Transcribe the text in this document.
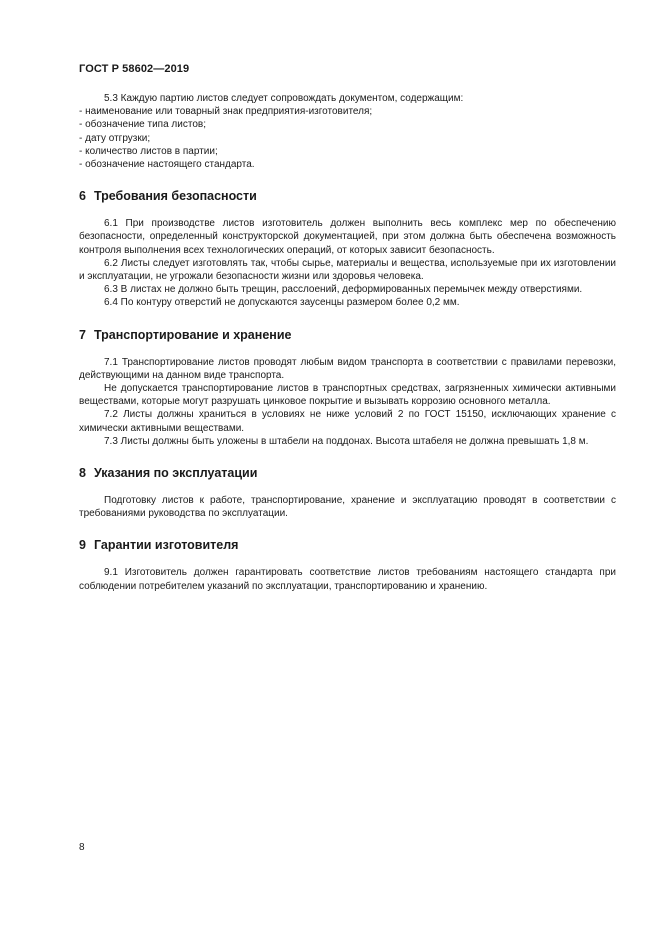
ГОСТ Р 58602—2019

5.3 Каждую партию листов следует сопровождать документом, содержащим:

- наименование или товарный знак предприятия-изготовителя;

- обозначение типа листов;

- дату отгрузки;

- количество листов в партии;

- обозначение настоящего стандарта.

6 Требования безопасности

6.1 При производстве листов изготовитель должен выполнить весь комплекс мер по обеспечению безопасности, определенный конструкторской документацией, при этом должна быть обеспечена возможность контроля выполнения всех технологических операций, от которых зависит безопасность.

6.2 Листы следует изготовлять так, чтобы сырье, материалы и вещества, используемые при их изготовлении и эксплуатации, не угрожали безопасности жизни или здоровья человека.

6.3 В листах не должно быть трещин, расслоений, деформированных перемычек между отверстиями.

6.4 По контуру отверстий не допускаются заусенцы размером более 0,2 мм.

7 Транспортирование и хранение

7.1 Транспортирование листов проводят любым видом транспорта в соответствии с правилами перевозки, действующими на данном виде транспорта.

Не допускается транспортирование листов в транспортных средствах, загрязненных химически активными веществами, которые могут разрушать цинковое покрытие и вызывать коррозию основного металла.

7.2 Листы должны храниться в условиях не ниже условий 2 по ГОСТ 15150, исключающих хранение с химически активными веществами.

7.3 Листы должны быть уложены в штабели на поддонах. Высота штабеля не должна превышать 1,8 м.

8 Указания по эксплуатации

Подготовку листов к работе, транспортирование, хранение и эксплуатацию проводят в соответствии с требованиями руководства по эксплуатации.

9 Гарантии изготовителя

9.1 Изготовитель должен гарантировать соответствие листов требованиям настоящего стандарта при соблюдении потребителем указаний по эксплуатации, транспортированию и хранению.

8
